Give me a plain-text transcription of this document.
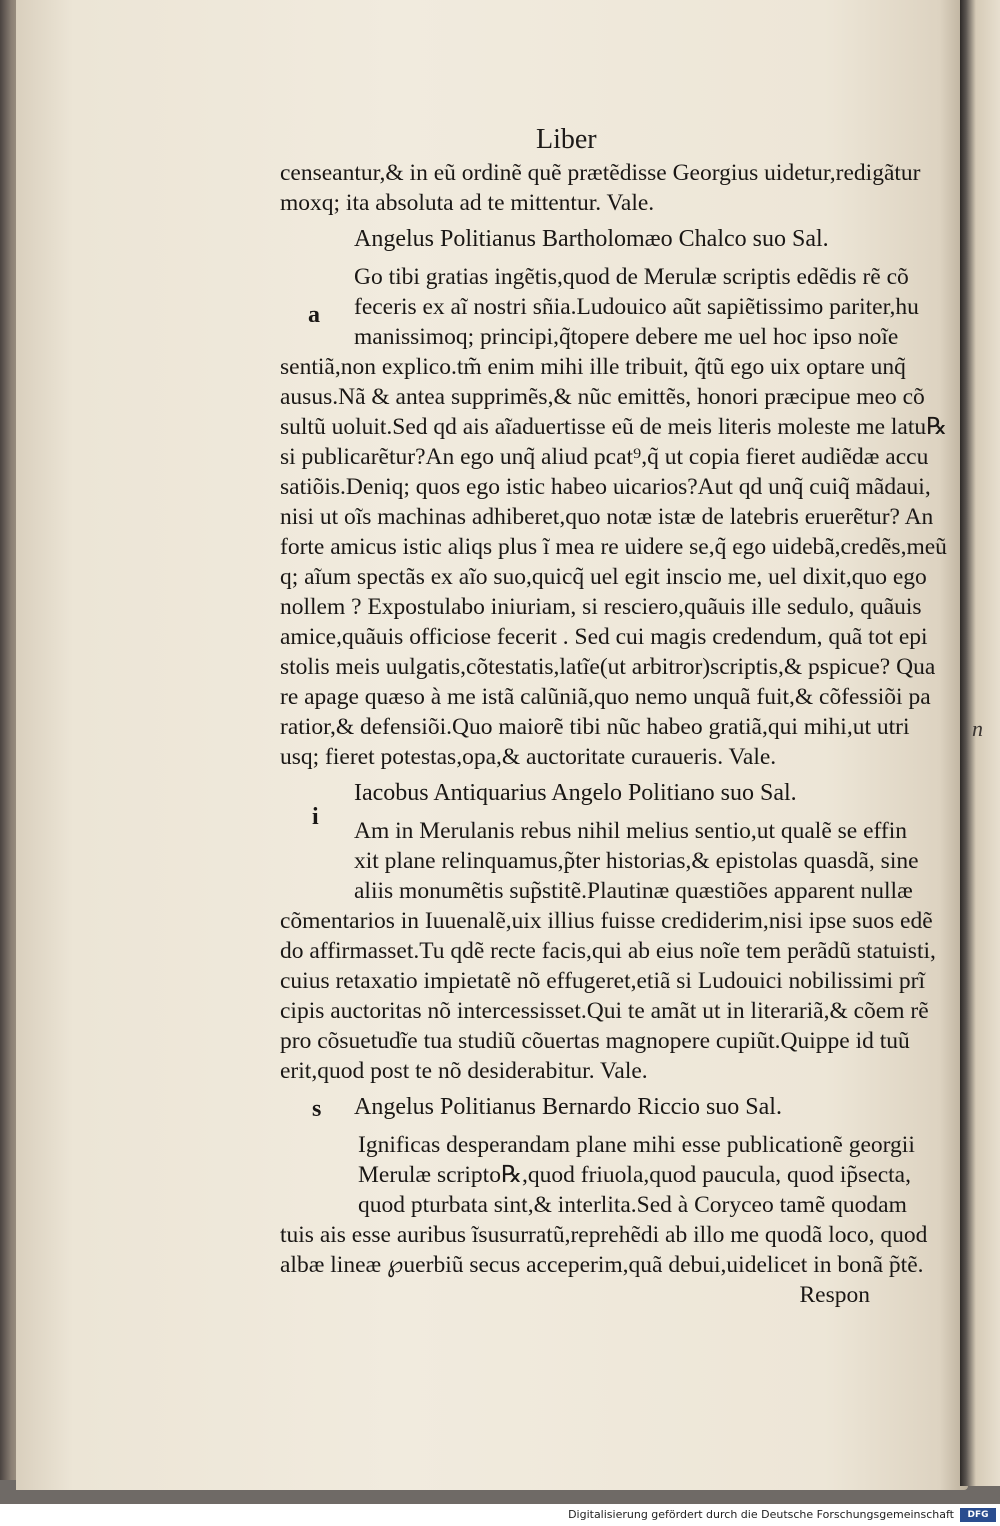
n
Liber
a
i
s
censeantur,& in eũ ordinẽ quẽ prætẽdisse Georgius uidetur,redigãtur
moxq; ita absoluta ad te mittentur. Vale.
Angelus Politianus Bartholomæo Chalco suo Sal.
Go tibi gratias ingẽtis,quod de Merulæ scriptis edẽdis rẽ cõ
feceris ex aĩ nostri sñia.Ludouico aũt sapiẽtissimo pariter,hu
manissimoq; principi,q̃topere debere me uel hoc ipso noĩe
sentiã,non explico.tm̃ enim mihi ille tribuit, q̃tũ ego uix optare unq̃
ausus.Nã & antea supprimẽs,& nũc emittẽs, honori præcipue meo cõ
sultũ uoluit.Sed qd ais aĩaduertisse eũ de meis literis moleste me latu℞
si publicarẽtur?An ego unq̃ aliud pcat⁹,q̃ ut copia fieret audiẽdæ accu
satiõis.Deniq; quos ego istic habeo uicarios?Aut qd unq̃ cuiq̃ mãdaui,
nisi ut oĩs machinas adhiberet,quo notæ istæ de latebris eruerẽtur? An
forte amicus istic aliqs plus ĩ mea re uidere se,q̃ ego uidebã,credẽs,meũ
q; aĩum spectãs ex aĩo suo,quicq̃ uel egit inscio me, uel dixit,quo ego
nollem ? Expostulabo iniuriam, si resciero,quãuis ille sedulo, quãuis
amice,quãuis officiose fecerit . Sed cui magis credendum, quã tot epi
stolis meis uulgatis,cõtestatis,latĩe(ut arbitror)scriptis,& pspicue? Qua
re apage quæso à me istã calũniã,quo nemo unquã fuit,& cõfessiõi pa
ratior,& defensiõi.Quo maiorẽ tibi nũc habeo gratiã,qui mihi,ut utri
usq; fieret potestas,opa,& auctoritate curaueris. Vale.
Iacobus Antiquarius Angelo Politiano suo Sal.
Am in Merulanis rebus nihil melius sentio,ut qualẽ se effin
xit plane relinquamus,p̃ter historias,& epistolas quasdã, sine
aliis monumẽtis sup̃stitẽ.Plautinæ quæstiões apparent nullæ
cõmentarios in Iuuenalẽ,uix illius fuisse crediderim,nisi ipse suos edẽ
do affirmasset.Tu qdẽ recte facis,qui ab eius noĩe tem perãdũ statuisti,
cuius retaxatio impietatẽ nõ effugeret,etiã si Ludouici nobilissimi prĩ
cipis auctoritas nõ intercessisset.Qui te amãt ut in literariã,& cõem rẽ
pro cõsuetudĩe tua studiũ cõuertas magnopere cupiũt.Quippe id tuũ
erit,quod post te nõ desiderabitur. Vale.
Angelus Politianus Bernardo Riccio suo Sal.
Ignificas desperandam plane mihi esse publicationẽ georgii
Merulæ scripto℞,quod friuola,quod paucula, quod ip̃secta,
quod pturbata sint,& interlita.Sed à Coryceo tamẽ quodam
tuis ais esse auribus ĩsusurratũ,reprehẽdi ab illo me quodã loco, quod
albæ lineæ ℘uerbiũ secus acceperim,quã debui,uidelicet in bonã p̃tẽ.
Respon
Digitalisierung gefördert durch die Deutsche Forschungsgemeinschaft	DFG
